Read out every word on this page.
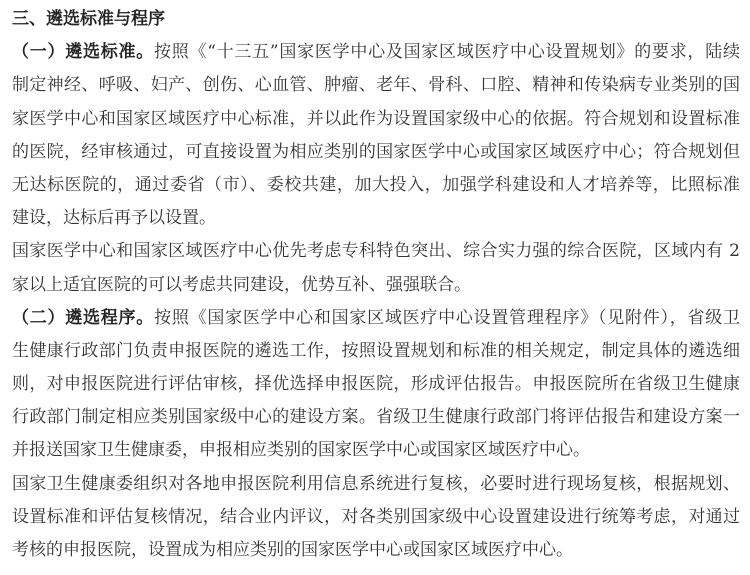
三、遴选标准与程序
（一）遴选标准。按照《“十三五”国家医学中心及国家区域医疗中心设置规划》的要求，陆续
制定神经、呼吸、妇产、创伤、心血管、肿瘤、老年、骨科、口腔、精神和传染病专业类别的国
家医学中心和国家区域医疗中心标准，并以此作为设置国家级中心的依据。符合规划和设置标准
的医院，经审核通过，可直接设置为相应类别的国家医学中心或国家区域医疗中心；符合规划但
无达标医院的，通过委省（市）、委校共建，加大投入，加强学科建设和人才培养等，比照标准
建设，达标后再予以设置。
国家医学中心和国家区域医疗中心优先考虑专科特色突出、综合实力强的综合医院，区域内有 2
家以上适宜医院的可以考虑共同建设，优势互补、强强联合。
（二）遴选程序。按照《国家医学中心和国家区域医疗中心设置管理程序》（见附件），省级卫
生健康行政部门负责申报医院的遴选工作，按照设置规划和标准的相关规定，制定具体的遴选细
则，对申报医院进行评估审核，择优选择申报医院，形成评估报告。申报医院所在省级卫生健康
行政部门制定相应类别国家级中心的建设方案。省级卫生健康行政部门将评估报告和建设方案一
并报送国家卫生健康委，申报相应类别的国家医学中心或国家区域医疗中心。
国家卫生健康委组织对各地申报医院利用信息系统进行复核，必要时进行现场复核，根据规划、
设置标准和评估复核情况，结合业内评议，对各类别国家级中心设置建设进行统筹考虑，对通过
考核的申报医院，设置成为相应类别的国家医学中心或国家区域医疗中心。
